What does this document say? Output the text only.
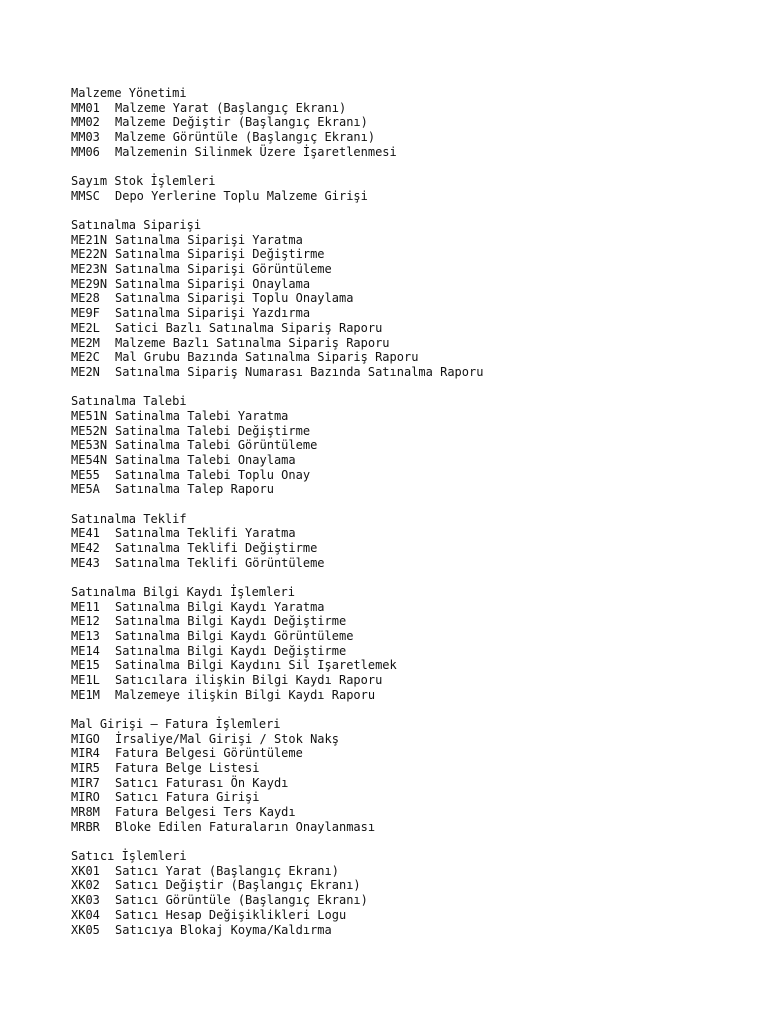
Malzeme Yönetimi
MM01 Malzeme Yarat (Başlangıç Ekranı)
MM02 Malzeme Değiştir (Başlangıç Ekranı)
MM03 Malzeme Görüntüle (Başlangıç Ekranı)
MM06 Malzemenin Silinmek Üzere İşaretlenmesi
Sayım Stok İşlemleri
MMSC Depo Yerlerine Toplu Malzeme Girişi
Satınalma Siparişi
ME21N Satınalma Siparişi Yaratma
ME22N Satınalma Siparişi Değiştirme
ME23N Satınalma Siparişi Görüntüleme
ME29N Satınalma Siparişi Onaylama
ME28 Satınalma Siparişi Toplu Onaylama
ME9F Satınalma Siparişi Yazdırma
ME2L Satici Bazlı Satınalma Sipariş Raporu
ME2M Malzeme Bazlı Satınalma Sipariş Raporu
ME2C Mal Grubu Bazında Satınalma Sipariş Raporu
ME2N Satınalma Sipariş Numarası Bazında Satınalma Raporu
Satınalma Talebi
ME51N Satinalma Talebi Yaratma
ME52N Satinalma Talebi Değiştirme
ME53N Satinalma Talebi Görüntüleme
ME54N Satinalma Talebi Onaylama
ME55 Satınalma Talebi Toplu Onay
ME5A Satınalma Talep Raporu
Satınalma Teklif
ME41 Satınalma Teklifi Yaratma
ME42 Satınalma Teklifi Değiştirme
ME43 Satınalma Teklifi Görüntüleme
Satınalma Bilgi Kaydı İşlemleri
ME11 Satınalma Bilgi Kaydı Yaratma
ME12 Satınalma Bilgi Kaydı Değiştirme
ME13 Satınalma Bilgi Kaydı Görüntüleme
ME14 Satınalma Bilgi Kaydı Değiştirme
ME15 Satinalma Bilgi Kaydını Sil Işaretlemek
ME1L Satıcılara ilişkin Bilgi Kaydı Raporu
ME1M Malzemeye ilişkin Bilgi Kaydı Raporu
Mal Girişi – Fatura İşlemleri
MIGO İrsaliye/Mal Girişi / Stok Nakş
MIR4 Fatura Belgesi Görüntüleme
MIR5 Fatura Belge Listesi
MIR7 Satıcı Faturası Ön Kaydı
MIRO Satıcı Fatura Girişi
MR8M Fatura Belgesi Ters Kaydı
MRBR Bloke Edilen Faturaların Onaylanması
Satıcı İşlemleri
XK01 Satıcı Yarat (Başlangıç Ekranı)
XK02 Satıcı Değiştir (Başlangıç Ekranı)
XK03 Satıcı Görüntüle (Başlangıç Ekranı)
XK04 Satıcı Hesap Değişiklikleri Logu
XK05 Satıcıya Blokaj Koyma/Kaldırma
